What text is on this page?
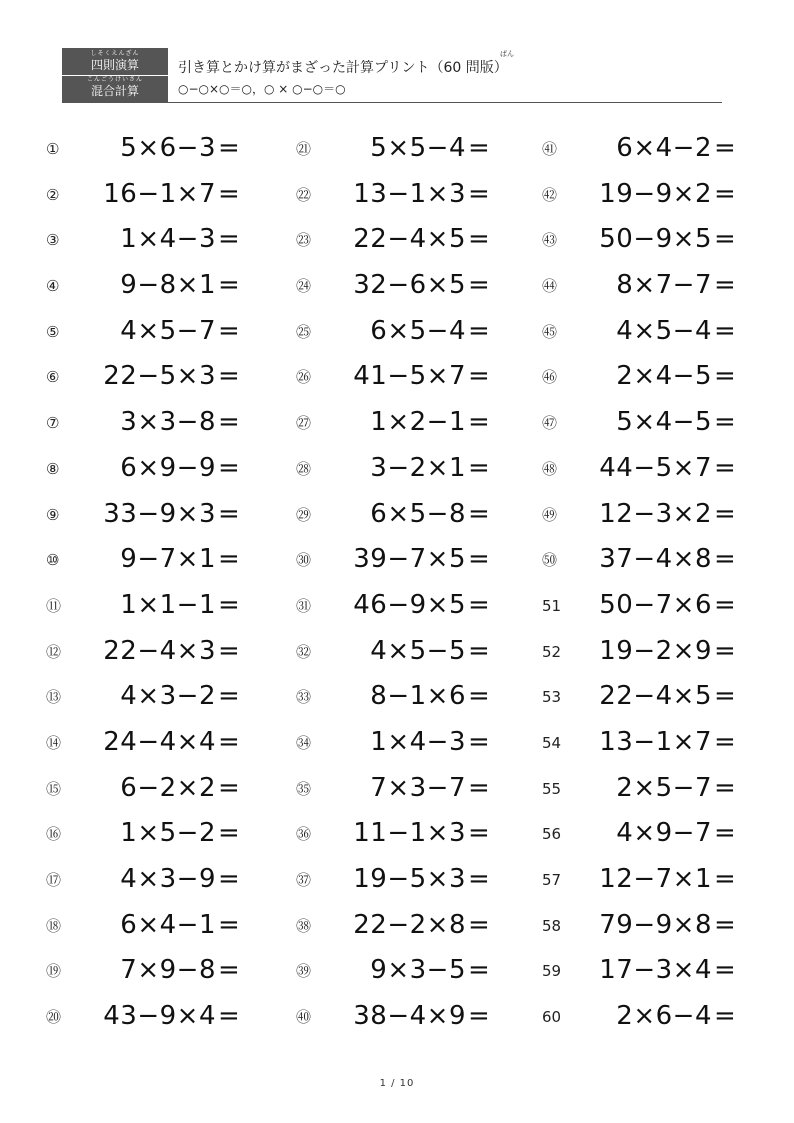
しそくえんざん
四則演算
こんごうけいさん
混合計算
ばん
引き算とかけ算がまざった計算プリント（60 問版）
○−○×○＝○，○ × ○−○＝○
① 5×6−3 =
② 16−1×7 =
③ 1×4−3 =
④ 9−8×1 =
⑤ 4×5−7 =
⑥ 22−5×3 =
⑦ 3×3−8 =
⑧ 6×9−9 =
⑨ 33−9×3 =
⑩ 9−7×1 =
⑪ 1×1−1 =
⑫ 22−4×3 =
⑬ 4×3−2 =
⑭ 24−4×4 =
⑮ 6−2×2 =
⑯ 1×5−2 =
⑰ 4×3−9 =
⑱ 6×4−1 =
⑲ 7×9−8 =
⑳ 43−9×4 =
㉑ 5×5−4 =
㉒ 13−1×3 =
㉓ 22−4×5 =
㉔ 32−6×5 =
㉕ 6×5−4 =
㉖ 41−5×7 =
㉗ 1×2−1 =
㉘ 3−2×1 =
㉙ 6×5−8 =
㉚ 39−7×5 =
㉛ 46−9×5 =
㉜ 4×5−5 =
㉝ 8−1×6 =
㉞ 1×4−3 =
㉟ 7×3−7 =
㊱ 11−1×3 =
㊲ 19−5×3 =
㊳ 22−2×8 =
㊴ 9×3−5 =
㊵ 38−4×9 =
㊶ 6×4−2 =
㊷ 19−9×2 =
㊸ 50−9×5 =
㊹ 8×7−7 =
㊺ 4×5−4 =
㊻ 2×4−5 =
㊼ 5×4−5 =
㊽ 44−5×7 =
㊾ 12−3×2 =
㊿ 37−4×8 =
51 50−7×6 =
52 19−2×9 =
53 22−4×5 =
54 13−1×7 =
55 2×5−7 =
56 4×9−7 =
57 12−7×1 =
58 79−9×8 =
59 17−3×4 =
60 2×6−4 =
1 / 10
